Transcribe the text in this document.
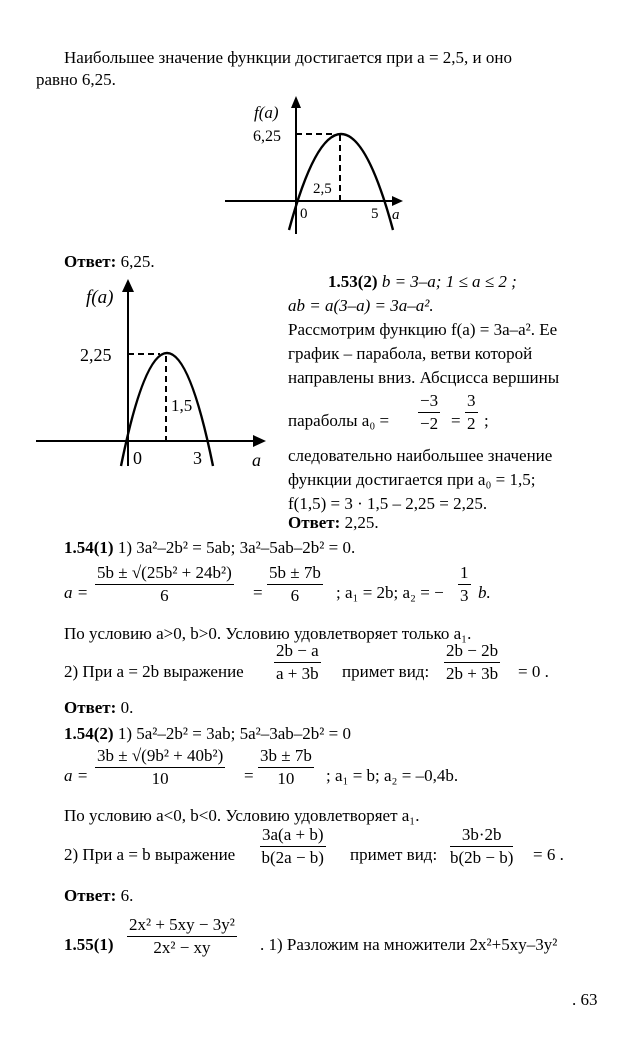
Наибольшее значение функции достигается при a = 2,5, и оно
равно 6,25.
f(a)
6,25
2,5
0	5 a
Ответ: 6,25.
f(a)
2,25
1,5
0	3	a
1.53(2) b = 3–a; 1 ≤ a ≤ 2 ;
ab = a(3–a) = 3a–a².
Рассмотрим функцию f(a) = 3a–a². Ее
график – парабола, ветви которой
направлены вниз. Абсцисса вершины
параболы $a_0 = \frac{-3}{-2} = \frac{3}{2}$ ;
следовательно наибольшее значение
функции достигается при a₀ = 1,5;
f(1,5) = 3 · 1,5 – 2,25 = 2,25.
Ответ: 2,25.
1.54(1) 1) 3a²–2b² = 5ab; 3a²–5ab–2b² = 0.
$a = \frac{\text{5b ± √(25b² + 24b²)}}{6} = \frac{5b \pm 7b}{6}$ ; a₁ = 2b; a₂ = − $\frac{1}{3} b$.
По условию a>0, b>0. Условию удовлетворяет только a₁.
2) При a = 2b выражение $\frac{2b - a}{a + 3b}$ примет вид: $\frac{2b - 2b}{2b + 3b} = 0$ .
Ответ: 0.
1.54(2) 1) 5a²–2b² = 3ab; 5a²–3ab–2b² = 0
$a = \frac{\text{3b ± √(9b² + 40b²)}}{10} = \frac{3b \pm 7b}{10}$ ; a₁ = b; a₂ = –0,4b.
По условию a<0, b<0. Условию удовлетворяет a₁.
2) При a = b выражение $\frac{3a(a + b)}{b(2a - b)}$ примет вид: $\frac{3b\cdot 2b}{b(2b - b)} = 6$ .
Ответ: 6.
$1.55(1) \frac{\text{2x² + 5xy − 3y²}}{\text{2x² − xy}}$ . 1) Разложим на множители 2x²+5xy–3y²
. 63
